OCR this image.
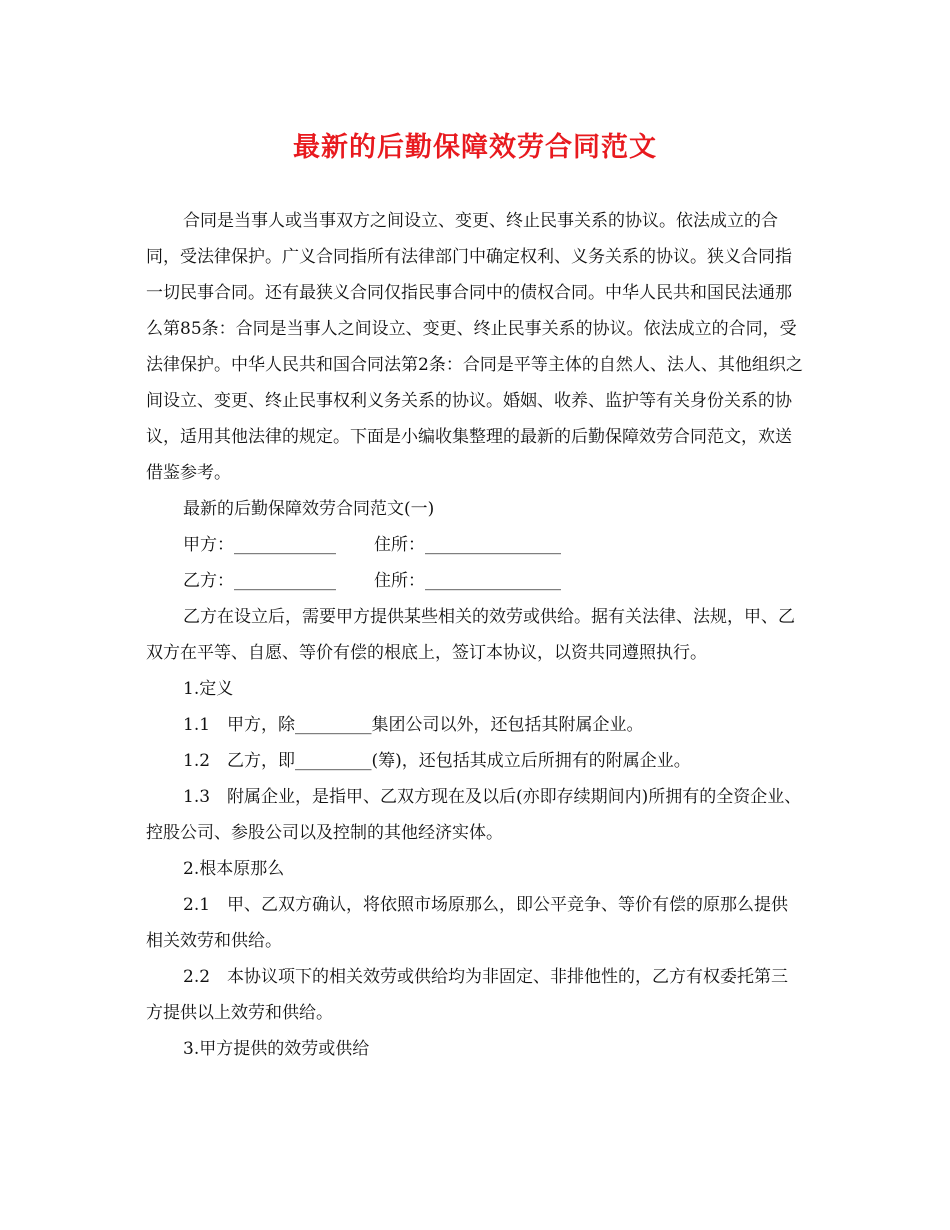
最新的后勤保障效劳合同范文

合同是当事人或当事双方之间设立、变更、终止民事关系的协议。依法成立的合同，受法律保护。广义合同指所有法律部门中确定权利、义务关系的协议。狭义合同指一切民事合同。还有最狭义合同仅指民事合同中的债权合同。中华人民共和国民法通那么第85条：合同是当事人之间设立、变更、终止民事关系的协议。依法成立的合同，受法律保护。中华人民共和国合同法第2条：合同是平等主体的自然人、法人、其他组织之间设立、变更、终止民事权利义务关系的协议。婚姻、收养、监护等有关身份关系的协议，适用其他法律的规定。下面是小编收集整理的最新的后勤保障效劳合同范文，欢送借鉴参考。

最新的后勤保障效劳合同范文(一)

甲方：____________ 住所：________________

乙方：____________ 住所：________________

乙方在设立后，需要甲方提供某些相关的效劳或供给。据有关法律、法规，甲、乙双方在平等、自愿、等价有偿的根底上，签订本协议，以资共同遵照执行。

1.定义

1.1　甲方，除_________集团公司以外，还包括其附属企业。

1.2　乙方，即_________(筹)，还包括其成立后所拥有的附属企业。

1.3　附属企业，是指甲、乙双方现在及以后(亦即存续期间内)所拥有的全资企业、控股公司、参股公司以及控制的其他经济实体。

2.根本原那么

2.1　甲、乙双方确认，将依照市场原那么，即公平竞争、等价有偿的原那么提供相关效劳和供给。

2.2　本协议项下的相关效劳或供给均为非固定、非排他性的，乙方有权委托第三方提供以上效劳和供给。

3.甲方提供的效劳或供给
